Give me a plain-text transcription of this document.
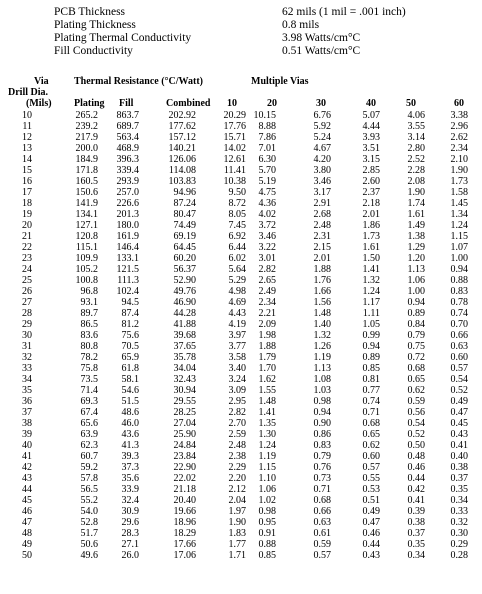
PCB Thickness	62 mils (1 mil = .001 inch)
Plating Thickness	0.8 mils
Plating Thermal Conductivity	3.98 Watts/cm°C
Fill Conductivity	0.51 Watts/cm°C
Via
Drill Dia.
(Mils)
Thermal Resistance (°C/Watt)	Multiple Vias
Plating Fill	Combined 10	20	30	40	50	60
10	265.2 863.7	202.92	20.29 10.15	6.76	5.07	4.06	3.38
11	239.2 689.7	177.62	17.76 8.88	5.92	4.44	3.55	2.96
12	217.9 563.4	157.12	15.71 7.86	5.24	3.93	3.14	2.62
13	200.0 468.9	140.21	14.02 7.01	4.67	3.51	2.80	2.34
14	184.9 396.3	126.06	12.61 6.30	4.20	3.15	2.52	2.10
15	171.8 339.4	114.08	11.41 5.70	3.80	2.85	2.28	1.90
16	160.5 293.9	103.83	10.38 5.19	3.46	2.60	2.08	1.73
17	150.6 257.0	94.96	9.50 4.75	3.17	2.37	1.90	1.58
18	141.9 226.6	87.24	8.72 4.36	2.91	2.18	1.74	1.45
19	134.1 201.3	80.47	8.05 4.02	2.68	2.01	1.61	1.34
20	127.1 180.0	74.49	7.45 3.72	2.48	1.86	1.49	1.24
21	120.8 161.9	69.19	6.92 3.46	2.31	1.73	1.38	1.15
22	115.1 146.4	64.45	6.44 3.22	2.15	1.61	1.29	1.07
23	109.9 133.1	60.20	6.02 3.01	2.01	1.50	1.20	1.00
24	105.2 121.5	56.37	5.64 2.82	1.88	1.41	1.13	0.94
25	100.8 111.3	52.90	5.29 2.65	1.76	1.32	1.06	0.88
26	96.8 102.4	49.76	4.98 2.49	1.66	1.24	1.00	0.83
27	93.1 94.5	46.90	4.69 2.34	1.56	1.17	0.94	0.78
28	89.7 87.4	44.28	4.43 2.21	1.48	1.11	0.89	0.74
29	86.5 81.2	41.88	4.19 2.09	1.40	1.05	0.84	0.70
30	83.6 75.6	39.68	3.97 1.98	1.32	0.99	0.79	0.66
31	80.8 70.5	37.65	3.77 1.88	1.26	0.94	0.75	0.63
32	78.2 65.9	35.78	3.58 1.79	1.19	0.89	0.72	0.60
33	75.8 61.8	34.04	3.40 1.70	1.13	0.85	0.68	0.57
34	73.5 58.1	32.43	3.24 1.62	1.08	0.81	0.65	0.54
35	71.4 54.6	30.94	3.09 1.55	1.03	0.77	0.62	0.52
36	69.3 51.5	29.55	2.95 1.48	0.98	0.74	0.59	0.49
37	67.4 48.6	28.25	2.82 1.41	0.94	0.71	0.56	0.47
38	65.6 46.0	27.04	2.70 1.35	0.90	0.68	0.54	0.45
39	63.9 43.6	25.90	2.59 1.30	0.86	0.65	0.52	0.43
40	62.3 41.3	24.84	2.48 1.24	0.83	0.62	0.50	0.41
41	60.7 39.3	23.84	2.38 1.19	0.79	0.60	0.48	0.40
42	59.2 37.3	22.90	2.29 1.15	0.76	0.57	0.46	0.38
43	57.8 35.6	22.02	2.20 1.10	0.73	0.55	0.44	0.37
44	56.5 33.9	21.18	2.12 1.06	0.71	0.53	0.42	0.35
45	55.2 32.4	20.40	2.04 1.02	0.68	0.51	0.41	0.34
46	54.0 30.9	19.66	1.97 0.98	0.66	0.49	0.39	0.33
47	52.8 29.6	18.96	1.90 0.95	0.63	0.47	0.38	0.32
48	51.7 28.3	18.29	1.83 0.91	0.61	0.46	0.37	0.30
49	50.6 27.1	17.66	1.77 0.88	0.59	0.44	0.35	0.29
50	49.6 26.0	17.06	1.71 0.85	0.57	0.43	0.34	0.28
